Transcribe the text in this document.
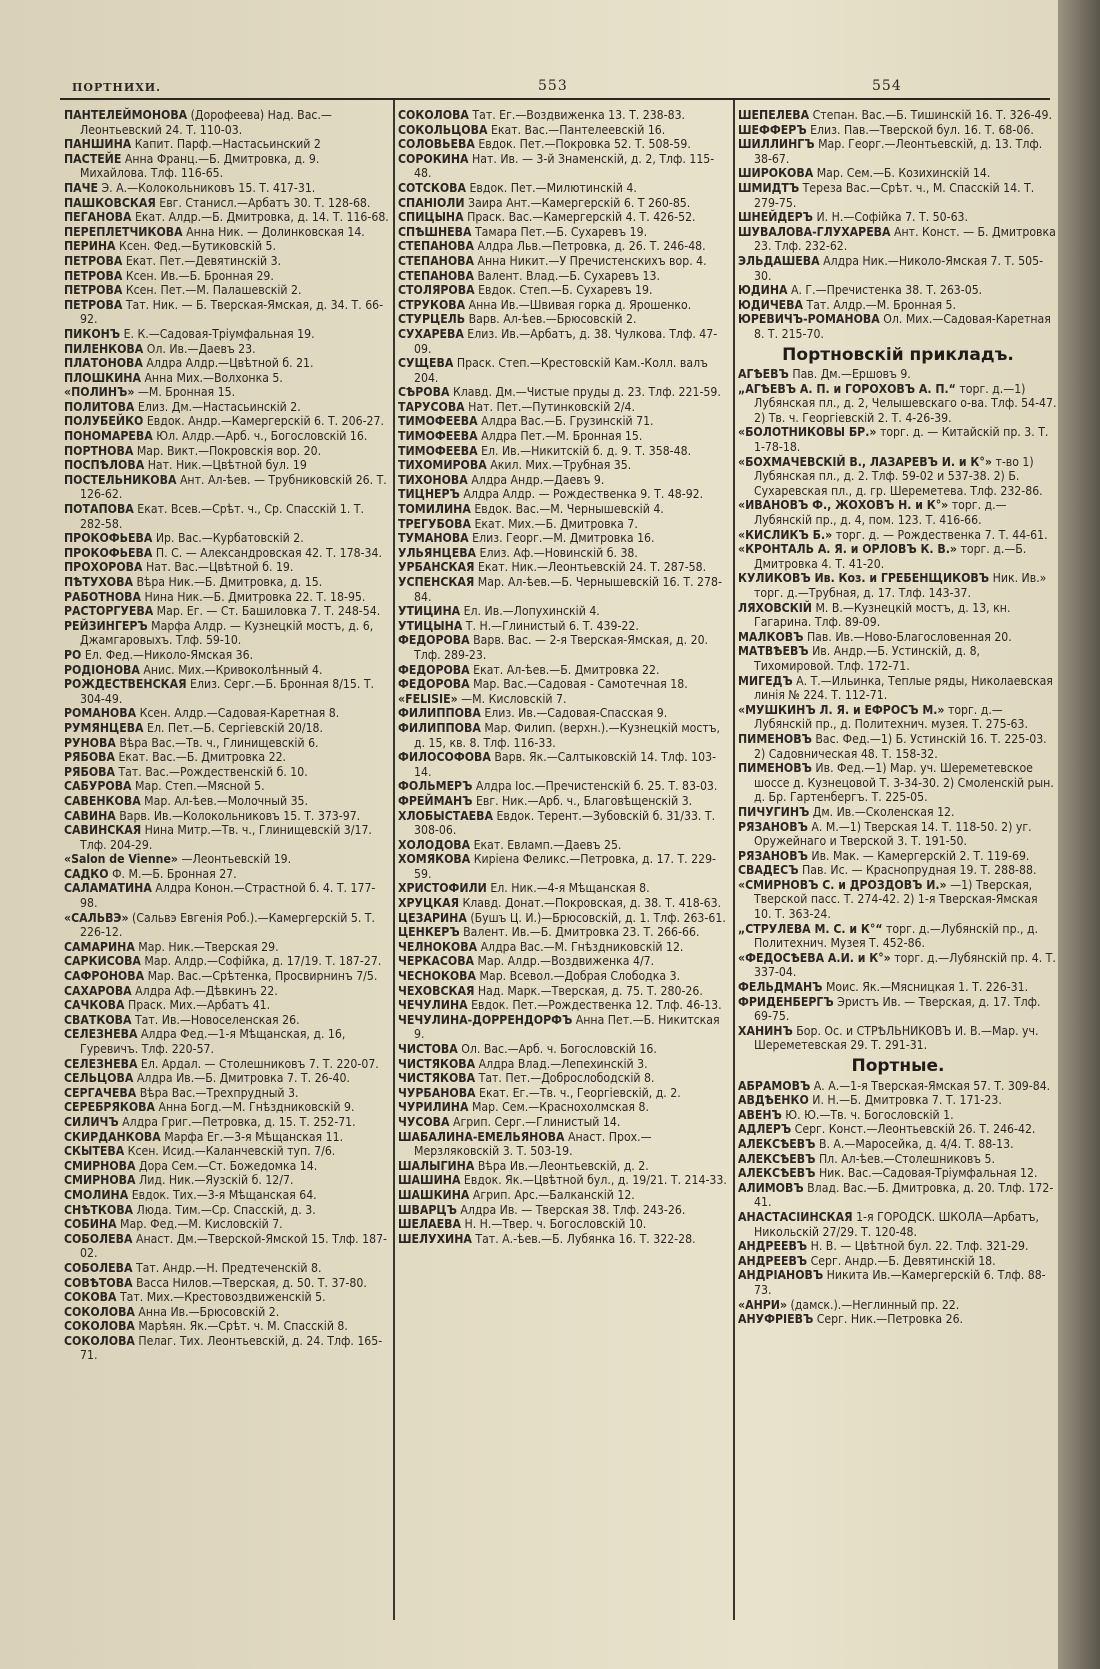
ПОРТНИХИ.	553	554

ПАНТЕЛЕЙМОНОВА (Дорофеева) Над. Вас.—Леонтьевский 24. Т. 110-03.

ПАНШИНА Капит. Парф.—Настасьинский 2

ПАСТЕЙЕ Анна Франц.—Б. Дмитровка, д. 9. Михайлова. Тлф. 116-65.

ПАЧЕ Э. А.—Колокольниковъ 15. Т. 417-31.

ПАШКОВСКАЯ Евг. Станисл.—Арбатъ 30. Т. 128-68.

ПЕГАНОВА Екат. Алдр.—Б. Дмитровка, д. 14. Т. 116-68.

ПЕРЕПЛЕТЧИКОВА Анна Ник. — Долинковская 14.

ПЕРИНА Ксен. Фед.—Бутиковскій 5.

ПЕТРОВА Екат. Пет.—Девятинскій 3.

ПЕТРОВА Ксен. Ив.—Б. Бронная 29.

ПЕТРОВА Ксен. Пет.—М. Палашевскій 2.

ПЕТРОВА Тат. Ник. — Б. Тверская-Ямская, д. 34. Т. 66-92.

ПИКОНЪ Е. К.—Садовая-Тріумфальная 19.

ПИЛЕНКОВА Ол. Ив.—Даевъ 23.

ПЛАТОНОВА Алдра Алдр.—Цвѣтной б. 21.

ПЛОШКИНА Анна Мих.—Волхонка 5.

«ПОЛИНЪ» —М. Бронная 15.

ПОЛИТОВА Елиз. Дм.—Настасьинскій 2.

ПОЛУБЕЙКО Евдок. Андр.—Камергерскій 6. Т. 206-27.

ПОНОМАРЕВА Юл. Алдр.—Арб. ч., Богословскій 16.

ПОРТНОВА Мар. Викт.—Покровскія вор. 20.

ПОСПѢЛОВА Нат. Ник.—Цвѣтной бул. 19

ПОСТЕЛЬНИКОВА Ант. Ал-ѣев. — Трубниковскій 26. Т. 126-62.

ПОТАПОВА Екат. Всев.—Срѣт. ч., Ср. Спасскій 1. Т. 282-58.

ПРОКОФЬЕВА Ир. Вас.—Курбатовскій 2.

ПРОКОФЬЕВА П. С. — Александровская 42. Т. 178-34.

ПРОХОРОВА Нат. Вас.—Цвѣтной б. 19.

ПѢТУХОВА Вѣра Ник.—Б. Дмитровка, д. 15.

РАБОТНОВА Нина Ник.—Б. Дмитровка 22. Т. 18-95.

РАСТОРГУЕВА Мар. Ег. — Ст. Башиловка 7. Т. 248-54.

РЕЙЗИНГЕРЪ Марфа Алдр. — Кузнецкій мостъ, д. 6, Джамгаровыхъ. Тлф. 59-10.

РО Ел. Фед.—Николо-Ямская 36.

РОДІОНОВА Анис. Мих.—Кривоколѣнный 4.

РОЖДЕСТВЕНСКАЯ Елиз. Серг.—Б. Бронная 8/15. Т. 304-49.

РОМАНОВА Ксен. Алдр.—Садовая-Каретная 8.

РУМЯНЦЕВА Ел. Пет.—Б. Сергіевскій 20/18.

РУНОВА Вѣра Вас.—Тв. ч., Глинищевскій 6.

РЯБОВА Екат. Вас.—Б. Дмитровка 22.

РЯБОВА Тат. Вас.—Рождественскій б. 10.

САБУРОВА Мар. Степ.—Мясной 5.

САВЕНКОВА Мар. Ал-ѣев.—Молочный 35.

САВИНА Варв. Ив.—Колокольниковъ 15. Т. 373-97.

САВИНСКАЯ Нина Митр.—Тв. ч., Глинищевскій 3/17. Тлф. 204-29.

«Salon de Vienne» —Леонтьевскій 19.

САДКО Ф. М.—Б. Бронная 27.

САЛАМАТИНА Алдра Конон.—Страстной б. 4. Т. 177-98.

«САЛЬВЭ» (Сальвэ Евгенія Роб.).—Камергерскій 5. Т. 226-12.

САМАРИНА Мар. Ник.—Тверская 29.

САРКИСОВА Мар. Алдр.—Софійка, д. 17/19. Т. 187-27.

САФРОНОВА Мар. Вас.—Срѣтенка, Просвирнинъ 7/5.

САХАРОВА Алдра Аф.—Дѣвкинъ 22.

САЧКОВА Праск. Мих.—Арбатъ 41.

СВАТКОВА Тат. Ив.—Новоселенская 26.

СЕЛЕЗНЕВА Алдра Фед.—1-я Мѣщанская, д. 16, Гуревичъ. Тлф. 220-57.

СЕЛЕЗНЕВА Ел. Ардал. — Столешниковъ 7. Т. 220-07.

СЕЛЬЦОВА Алдра Ив.—Б. Дмитровка 7. Т. 26-40.

СЕРГАЧЕВА Вѣра Вас.—Трехпрудный 3.

СЕРЕБРЯКОВА Анна Богд.—М. Гнѣздниковскій 9.

СИЛИЧЪ Алдра Григ.—Петровка, д. 15. Т. 252-71.

СКИРДАНКОВА Марфа Ег.—3-я Мѣщанская 11.

СКЫТЕВА Ксен. Исид.—Каланчевскій туп. 7/6.

СМИРНОВА Дора Сем.—Ст. Божедомка 14.

СМИРНОВА Лид. Ник.—Яузскій б. 12/7.

СМОЛИНА Евдок. Тих.—3-я Мѣщанская 64.

СНѢТКОВА Люда. Тим.—Ср. Спасскій, д. 3.

СОБИНА Мар. Фед.—М. Кисловскій 7.

СОБОЛЕВА Анаст. Дм.—Тверской-Ямской 15. Тлф. 187-02.

СОБОЛЕВА Тат. Андр.—Н. Предтеченскій 8.

СОВѢТОВА Васса Нилов.—Тверская, д. 50. Т. 37-80.

СОКОВА Тат. Мих.—Крестовоздвиженскій 5.

СОКОЛОВА Анна Ив.—Брюсовскій 2.

СОКОЛОВА Марѣян. Як.—Срѣт. ч. М. Спасскій 8.

СОКОЛОВА Пелаг. Тих. Леонтьевскій, д. 24. Тлф. 165-71.

СОКОЛОВА Тат. Ег.—Воздвиженка 13. Т. 238-83.

СОКОЛЬЦОВА Екат. Вас.—Пантелеевскій 16.

СОЛОВЬЕВА Евдок. Пет.—Покровка 52. Т. 508-59.

СОРОКИНА Нат. Ив. — 3-й Знаменскій, д. 2, Тлф. 115-48.

СОТСКОВА Евдок. Пет.—Милютинскій 4.

СПАНІОЛИ Заира Ант.—Камергерскій 6. Т 260-85.

СПИЦЫНА Праск. Вас.—Камергерскій 4. Т. 426-52.

СПѢШНЕВА Тамара Пет.—Б. Сухаревъ 19.

СТЕПАНОВА Алдра Льв.—Петровка, д. 26. Т. 246-48.

СТЕПАНОВА Анна Никит.—У Пречистенскихъ вор. 4.

СТЕПАНОВА Валент. Влад.—Б. Сухаревъ 13.

СТОЛЯРОВА Евдок. Степ.—Б. Сухаревъ 19.

СТРУКОВА Анна Ив.—Швивая горка д. Ярошенко.

СТУРЦЕЛЬ Варв. Ал-ѣев.—Брюсовскій 2.

СУХАРЕВА Елиз. Ив.—Арбатъ, д. 38. Чулкова. Тлф. 47-09.

СУЩЕВА Праск. Степ.—Крестовскій Кам.-Колл. валъ 204.

СѢРОВА Клавд. Дм.—Чистые пруды д. 23. Тлф. 221-59.

ТАРУСОВА Нат. Пет.—Путинковскій 2/4.

ТИМОФЕЕВА Алдра Вас.—Б. Грузинскій 71.

ТИМОФЕЕВА Алдра Пет.—М. Бронная 15.

ТИМОФЕЕВА Ел. Ив.—Никитскій б. д. 9. Т. 358-48.

ТИХОМИРОВА Акил. Мих.—Трубная 35.

ТИХОНОВА Алдра Андр.—Даевъ 9.

ТИЦНЕРЪ Алдра Алдр. — Рождественка 9. Т. 48-92.

ТОМИЛИНА Евдок. Вас.—М. Чернышевскій 4.

ТРЕГУБОВА Екат. Мих.—Б. Дмитровка 7.

ТУМАНОВА Елиз. Георг.—М. Дмитровка 16.

УЛЬЯНЦЕВА Елиз. Аф.—Новинскій б. 38.

УРБАНСКАЯ Екат. Ник.—Леонтьевскій 24. Т. 287-58.

УСПЕНСКАЯ Мар. Ал-ѣев.—Б. Чернышевскій 16. Т. 278-84.

УТИЦИНА Ел. Ив.—Лопухинскій 4.

УТИЦЫНА Т. Н.—Глинистый 6. Т. 439-22.

ФЕДОРОВА Варв. Вас. — 2-я Тверская-Ямская, д. 20. Тлф. 289-23.

ФЕДОРОВА Екат. Ал-ѣев.—Б. Дмитровка 22.

ФЕДОРОВА Мар. Вас.—Садовая - Самотечная 18.

«FELISIE» —М. Кисловскій 7.

ФИЛИППОВА Елиз. Ив.—Садовая-Спасская 9.

ФИЛИППОВА Мар. Филип. (верхн.).—Кузнецкій мостъ, д. 15, кв. 8. Тлф. 116-33.

ФИЛОСОФОВА Варв. Як.—Салтыковскій 14. Тлф. 103-14.

ФОЛЬМЕРЪ Алдра Іос.—Пречистенскій б. 25. Т. 83-03.

ФРЕЙМАНЪ Евг. Ник.—Арб. ч., Благовѣщенскій 3.

ХЛОБЫСТАЕВА Евдок. Терент.—Зубовскій б. 31/33. Т. 308-06.

ХОЛОДОВА Екат. Евламп.—Даевъ 25.

ХОМЯКОВА Киріена Феликс.—Петровка, д. 17. Т. 229-59.

ХРИСТОФИЛИ Ел. Ник.—4-я Мѣщанская 8.

ХРУЦКАЯ Клавд. Донат.—Покровская, д. 38. Т. 418-63.

ЦЕЗАРИНА (Бушъ Ц. И.)—Брюсовскій, д. 1. Тлф. 263-61.

ЦЕНКЕРЪ Валент. Ив.—Б. Дмитровка 23. Т. 266-66.

ЧЕЛНОКОВА Алдра Вас.—М. Гнѣздниковскій 12.

ЧЕРКАСОВА Мар. Алдр.—Воздвиженка 4/7.

ЧЕСНОКОВА Мар. Всевол.—Добрая Слободка 3.

ЧЕХОВСКАЯ Над. Марк.—Тверская, д. 75. Т. 280-26.

ЧЕЧУЛИНА Евдок. Пет.—Рождественка 12. Тлф. 46-13.

ЧЕЧУЛИНА-ДОРРЕНДОРФЪ Анна Пет.—Б. Никитская 9.

ЧИСТОВА Ол. Вас.—Арб. ч. Богословскій 16.

ЧИСТЯКОВА Алдра Влад.—Лепехинскій 3.

ЧИСТЯКОВА Тат. Пет.—Доброслободскій 8.

ЧУРБАНОВА Екат. Ег.—Тв. ч., Георгіевскій, д. 2.

ЧУРИЛИНА Мар. Сем.—Краснохолмская 8.

ЧУСОВА Агрип. Серг.—Глинистый 14.

ШАБАЛИНА-ЕМЕЛЬЯНОВА Анаст. Прох.—Мерзляковскій 3. Т. 503-19.

ШАЛЫГИНА Вѣра Ив.—Леонтьевскій, д. 2.

ШАШИНА Евдок. Як.—Цвѣтной бул., д. 19/21. Т. 214-33.

ШАШКИНА Агрип. Арс.—Балканскій 12.

ШВАРЦЪ Алдра Ив. — Тверская 38. Тлф. 243-26.

ШЕЛАЕВА Н. Н.—Твер. ч. Богословскій 10.

ШЕЛУХИНА Тат. А.-ѣев.—Б. Лубянка 16. Т. 322-28.

ШЕПЕЛЕВА Степан. Вас.—Б. Тишинскій 16. Т. 326-49.

ШЕФФЕРЪ Елиз. Пав.—Тверской бул. 16. Т. 68-06.

ШИЛЛИНГЪ Мар. Георг.—Леонтьевскій, д. 13. Тлф. 38-67.

ШИРОКОВА Мар. Сем.—Б. Козихинскій 14.

ШМИДТЪ Тереза Вас.—Срѣт. ч., М. Спасскій 14. Т. 279-75.

ШНЕЙДЕРЪ И. Н.—Софійка 7. Т. 50-63.

ШУВАЛОВА-ГЛУХАРЕВА Ант. Конст. — Б. Дмитровка 23. Тлф. 232-62.

ЭЛЬДАШЕВА Алдра Ник.—Николо-Ямская 7. Т. 505-30.

ЮДИНА А. Г.—Пречистенка 38. Т. 263-05.

ЮДИЧЕВА Тат. Алдр.—М. Бронная 5.

ЮРЕВИЧЪ-РОМАНОВА Ол. Мих.—Садовая-Каретная 8. Т. 215-70.

Портновскій прикладъ.

АГѢЕВЪ Пав. Дм.—Ершовъ 9.

„АГѢЕВЪ А. П. и ГОРОХОВЪ А. П.“ торг. д.—1) Лубянская пл., д. 2, Челышевскаго о-ва. Тлф. 54-47. 2) Тв. ч. Георгіевскій 2. Т. 4-26-39.

«БОЛОТНИКОВЫ БР.» торг. д. — Китайскій пр. 3. Т. 1-78-18.

«БОХМАЧЕВСКІЙ В., ЛАЗАРЕВЪ И. и К°» т-во 1) Лубянская пл., д. 2. Тлф. 59-02 и 537-38. 2) Б. Сухаревская пл., д. гр. Шереметева. Тлф. 232-86.

«ИВАНОВЪ Ф., ЖОХОВЪ Н. и К°» торг. д.—Лубянскій пр., д. 4, пом. 123. Т. 416-66.

«КИСЛИКЪ Б.» торг. д. — Рождественка 7. Т. 44-61.

«КРОНТАЛЬ А. Я. и ОРЛОВЪ К. В.» торг. д.—Б. Дмитровка 4. Т. 41-20.

КУЛИКОВЪ Ив. Коз. и ГРЕБЕНЩИКОВЪ Ник. Ив.» торг. д.—Трубная, д. 17. Тлф. 143-37.

ЛЯХОВСКІЙ М. В.—Кузнецкій мостъ, д. 13, кн. Гагарина. Тлф. 89-09.

МАЛКОВЪ Пав. Ив.—Ново-Благословенная 20.

МАТВѢЕВЪ Ив. Андр.—Б. Устинскій, д. 8, Тихомировой. Тлф. 172-71.

МИГЕДЪ А. Т.—Ильинка, Теплые ряды, Николаевская линія № 224. Т. 112-71.

«МУШКИНЪ Л. Я. и ЕФРОСЪ М.» торг. д.—Лубянскій пр., д. Политехнич. музея. Т. 275-63.

ПИМЕНОВЪ Вас. Фед.—1) Б. Устинскій 16. Т. 225-03. 2) Садовническая 48. Т. 158-32.

ПИМЕНОВЪ Ив. Фед.—1) Мар. уч. Шереметевское шоссе д. Кузнецовой Т. 3-34-30. 2) Смоленскій рын. д. Бр. Гартенбергъ. Т. 225-05.

ПИЧУГИНЪ Дм. Ив.—Сколенская 12.

РЯЗАНОВЪ А. М.—1) Тверская 14. Т. 118-50. 2) уг. Оружейнаго и Тверской 3. Т. 191-50.

РЯЗАНОВЪ Ив. Мак. — Камергерскій 2. Т. 119-69.

СВАДЕСЪ Пав. Ис. — Краснопрудная 19. Т. 288-88.

«СМИРНОВЪ С. и ДРОЗДОВЪ И.» —1) Тверская, Тверской пасс. Т. 274-42. 2) 1-я Тверская-Ямская 10. Т. 363-24.

„СТРУЛЕВА М. С. и К°“ торг. д.—Лубянскій пр., д. Политехнич. Музея Т. 452-86.

«ФЕДОСѢЕВА А.И. и К°» торг. д.—Лубянскій пр. 4. Т. 337-04.

ФЕЛЬДМАНЪ Моис. Як.—Мясницкая 1. Т. 226-31.

ФРИДЕНБЕРГЪ Эристъ Ив. — Тверская, д. 17. Тлф. 69-75.

ХАНИНЪ Бор. Ос. и СТРѢЛЬНИКОВЪ И. В.—Мар. уч. Шереметевская 29. Т. 291-31.

Портные.

АБРАМОВЪ А. А.—1-я Тверская-Ямская 57. Т. 309-84.

АВДѢЕНКО И. Н.—Б. Дмитровка 7. Т. 171-23.

АВЕНЪ Ю. Ю.—Тв. ч. Богословскій 1.

АДЛЕРЪ Серг. Конст.—Леонтьевскій 26. Т. 246-42.

АЛЕКСѢЕВЪ В. А.—Маросейка, д. 4/4. Т. 88-13.

АЛЕКСѢЕВЪ Пл. Ал-ѣев.—Столешниковъ 5.

АЛЕКСѢЕВЪ Ник. Вас.—Садовая-Тріумфальная 12.

АЛИМОВЪ Влад. Вас.—Б. Дмитровка, д. 20. Тлф. 172-41.

АНАСТАСІИНСКАЯ 1-я ГОРОДСК. ШКОЛА—Арбатъ, Никольскій 27/29. Т. 120-48.

АНДРЕЕВЪ Н. В. — Цвѣтной бул. 22. Тлф. 321-29.

АНДРЕЕВЪ Серг. Андр.—Б. Девятинскій 18.

АНДРІАНОВЪ Никита Ив.—Камергерскій 6. Тлф. 88-73.

«АНРИ» (дамск.).—Неглинный пр. 22.

АНУФРІЕВЪ Серг. Ник.—Петровка 26.
